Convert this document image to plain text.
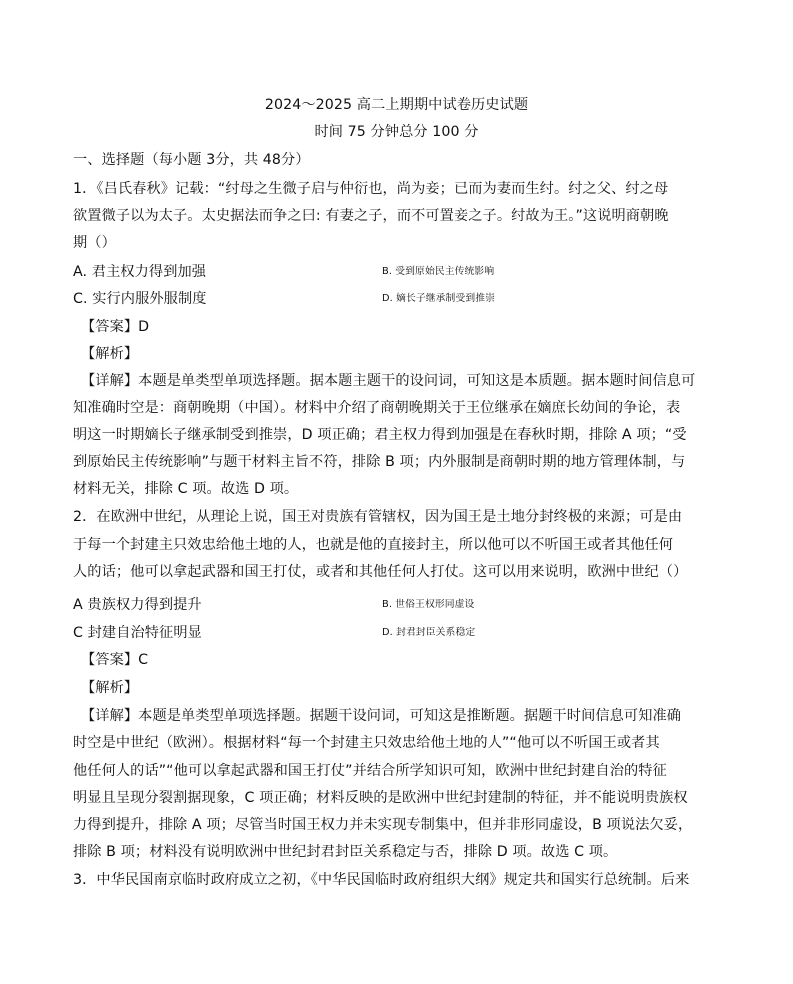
2024～2025 高二上期期中试卷历史试题
时间 75 分钟总分 100 分
一、选择题（每小题 3分，共 48分）
1．《吕氏春秋》记载：“纣母之生微子启与仲衍也，尚为妾；已而为妻而生纣。纣之父、纣之母
欲置微子以为太子。太史据法而争之曰: 有妻之子，而不可置妾之子。纣故为王。”这说明商朝晚
期（）
A. 君主权力得到加强	B. 受到原始民主传统影响
C. 实行内服外服制度	D. 嫡长子继承制受到推崇
【答案】D
【解析】
【详解】本题是单类型单项选择题。据本题主题干的设问词，可知这是本质题。据本题时间信息可
知准确时空是：商朝晚期（中国）。材料中介绍了商朝晚期关于王位继承在嫡庶长幼间的争论，表
明这一时期嫡长子继承制受到推崇，D 项正确；君主权力得到加强是在春秋时期，排除 A 项；“受
到原始民主传统影响”与题干材料主旨不符，排除 B 项；内外服制是商朝时期的地方管理体制，与
材料无关，排除 C 项。故选 D 项。
2．在欧洲中世纪，从理论上说，国王对贵族有管辖权，因为国王是土地分封终极的来源；可是由
于每一个封建主只效忠给他土地的人，也就是他的直接封主，所以他可以不听国王或者其他任何
人的话；他可以拿起武器和国王打仗，或者和其他任何人打仗。这可以用来说明，欧洲中世纪（）
A 贵族权力得到提升	B. 世俗王权形同虚设
C 封建自治特征明显	D. 封君封臣关系稳定
【答案】C
【解析】
【详解】本题是单类型单项选择题。据题干设问词，可知这是推断题。据题干时间信息可知准确
时空是中世纪（欧洲）。根据材料“每一个封建主只效忠给他土地的人”“他可以不听国王或者其
他任何人的话”“他可以拿起武器和国王打仗”并结合所学知识可知，欧洲中世纪封建自治的特征
明显且呈现分裂割据现象，C 项正确；材料反映的是欧洲中世纪封建制的特征，并不能说明贵族权
力得到提升，排除 A 项；尽管当时国王权力并未实现专制集中，但并非形同虚设，B 项说法欠妥，
排除 B 项；材料没有说明欧洲中世纪封君封臣关系稳定与否，排除 D 项。故选 C 项。
3．中华民国南京临时政府成立之初，《中华民国临时政府组织大纲》规定共和国实行总统制。后来
